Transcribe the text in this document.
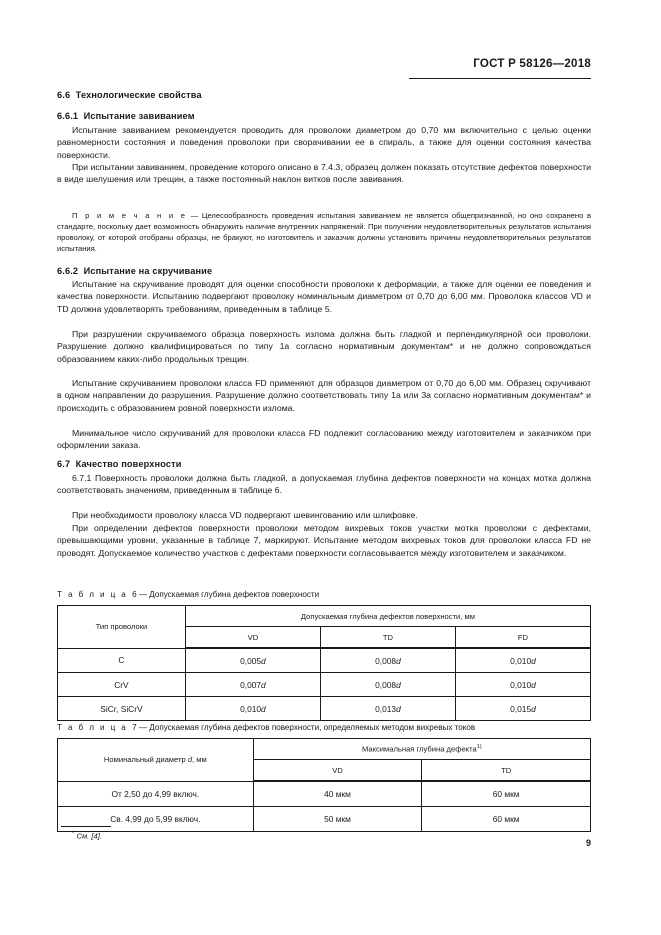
ГОСТ Р 58126—2018
6.6 Технологические свойства
6.6.1 Испытание завиванием

Испытание завиванием рекомендуется проводить для проволоки диаметром до 0,70 мм включительно с целью оценки равномерности состояния и поведения проволоки при сворачивании ее в спираль, а также для оценки состояния качества поверхности.

При испытании завиванием, проведение которого описано в 7.4.3, образец должен показать отсутствие дефектов поверхности в виде шелушения или трещин, а также постоянный наклон витков после завивания.

П р и м е ч а н и е — Целесообразность проведения испытания завиванием не является общепризнанной, но оно сохранено в стандарте, поскольку дает возможность обнаружить наличие внутренних напряжений. При получении неудовлетворительных результатов испытания проволоку, от которой отобраны образцы, не бракуют, но изготовитель и заказчик должны установить причины неудовлетворительных результатов испытания.

6.6.2 Испытание на скручивание

Испытание на скручивание проводят для оценки способности проволоки к деформации, а также для оценки ее поведения и качества поверхности. Испытанию подвергают проволоку номинальным диаметром от 0,70 до 6,00 мм. Проволока классов VD и TD должна удовлетворять требованиям, приведенным в таблице 5.

При разрушении скручиваемого образца поверхность излома должна быть гладкой и перпендикулярной оси проволоки. Разрушение должно квалифицироваться по типу 1а согласно нормативным документам* и не должно сопровождаться образованием каких-либо продольных трещин.

Испытание скручиванием проволоки класса FD применяют для образцов диаметром от 0,70 до 6,00 мм. Образец скручивают в одном направлении до разрушения. Разрушение должно соответствовать типу 1а или 3а согласно нормативным документам* и происходить с образованием ровной поверхности излома.

Минимальное число скручиваний для проволоки класса FD подлежит согласованию между изготовителем и заказчиком при оформлении заказа.

6.7 Качество поверхности

6.7.1 Поверхность проволоки должна быть гладкой, а допускаемая глубина дефектов поверхности на концах мотка должна соответствовать значениям, приведенным в таблице 6.

При необходимости проволоку класса VD подвергают шевингованию или шлифовке.

При определении дефектов поверхности проволоки методом вихревых токов участки мотка проволоки с дефектами, превышающими уровни, указанные в таблице 7, маркируют. Испытание методом вихревых токов для проволоки класса FD не проводят. Допускаемое количество участков с дефектами поверхности согласовывается между изготовителем и заказчиком.

Т а б л и ц а 6 — Допускаемая глубина дефектов поверхности
Тип проволоки	Допускаемая глубина дефектов поверхности, мм		
	VD	TD	FD
C	0,005d	0,008d	0,010d
CrV	0,007d	0,008d	0,010d
SiCr, SiCrV	0,010d	0,013d	0,015d
Т а б л и ц а 7 — Допускаемая глубина дефектов поверхности, определяемых методом вихревых токов
Номинальный диаметр d, мм	Максимальная глубина дефекта$^{1)}$
	VD	TD
От 2,50 до 4,99 включ.	40 мкм	60 мкм
Св. 4,99 до 5,99 включ.	50 мкм	60 мкм
* См. [4].
9
